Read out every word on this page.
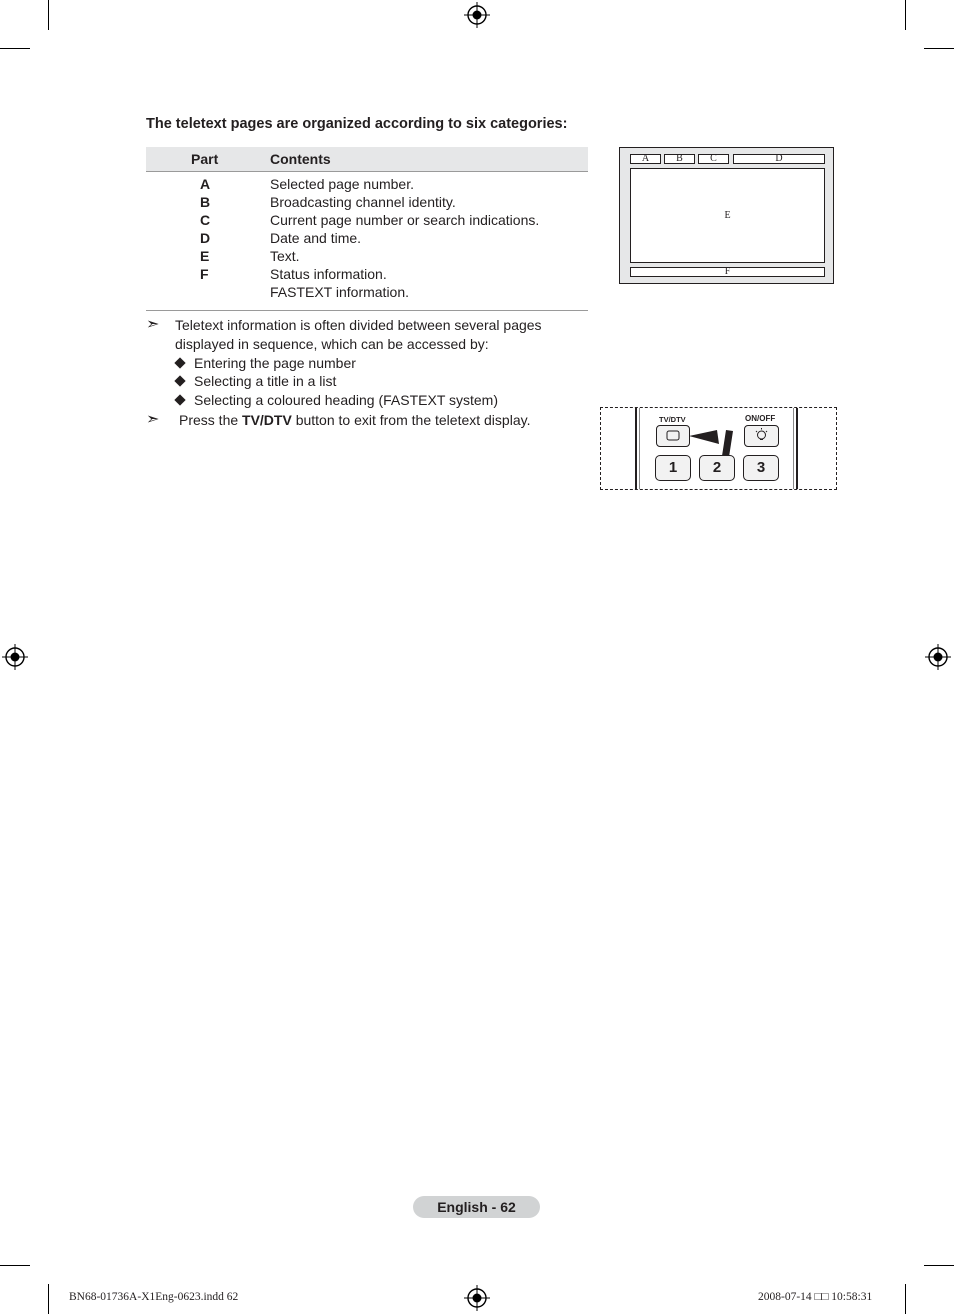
The teletext pages are organized according to six categories:
Part	Contents
A	Selected page number.
B	Broadcasting channel identity.
C	Current page number or search indications.
D	Date and time.
E	Text.
F	Status information.
FASTEXT information.
➣ Teletext information is often divided between several pages
displayed in sequence, which can be accessed by:
Entering the page number
Selecting a title in a list
Selecting a coloured heading (FASTEXT system)
➣ Press the TV/DTV button to exit from the teletext display.
A	B	C	D
E
F
TV/DTV	ON/OFF
1	2	3
English - 62
BN68-01736A-X1Eng-0623.indd 62	2008-07-14 □□ 10:58:31
